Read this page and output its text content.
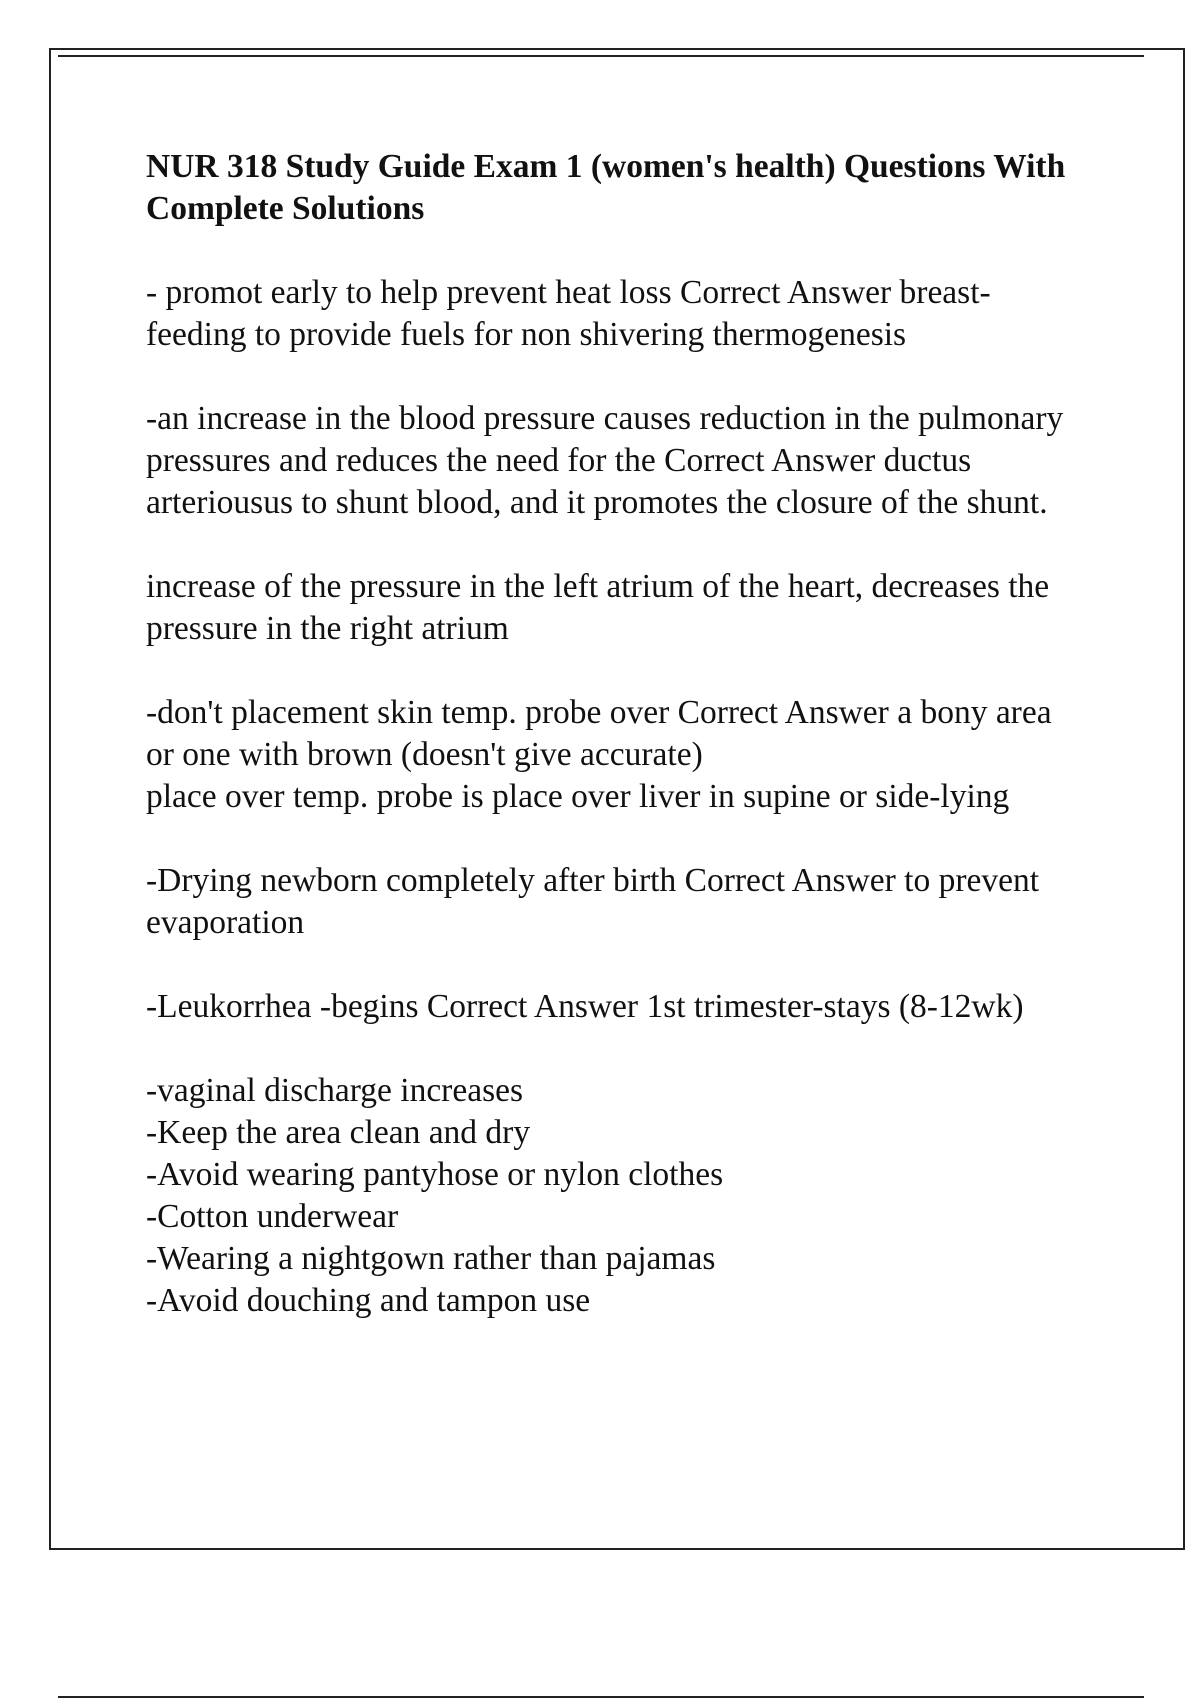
NUR 318 Study Guide Exam 1 (women's health) Questions With Complete Solutions
- promot early to help prevent heat loss Correct Answer breast-feeding to provide fuels for non shivering thermogenesis
-an increase in the blood pressure causes reduction in the pulmonary pressures and reduces the need for the Correct Answer ductus arteriousus to shunt blood, and it promotes the closure of the shunt.
increase of the pressure in the left atrium of the heart, decreases the pressure in the right atrium
-don't placement skin temp. probe over Correct Answer a bony area or one with brown (doesn't give accurate)
place over temp. probe is place over liver in supine or side-lying
-Drying newborn completely after birth Correct Answer to prevent evaporation
-Leukorrhea -begins Correct Answer 1st trimester-stays (8-12wk)
-vaginal discharge increases
-Keep the area clean and dry
-Avoid wearing pantyhose or nylon clothes
-Cotton underwear
-Wearing a nightgown rather than pajamas
-Avoid douching and tampon use
